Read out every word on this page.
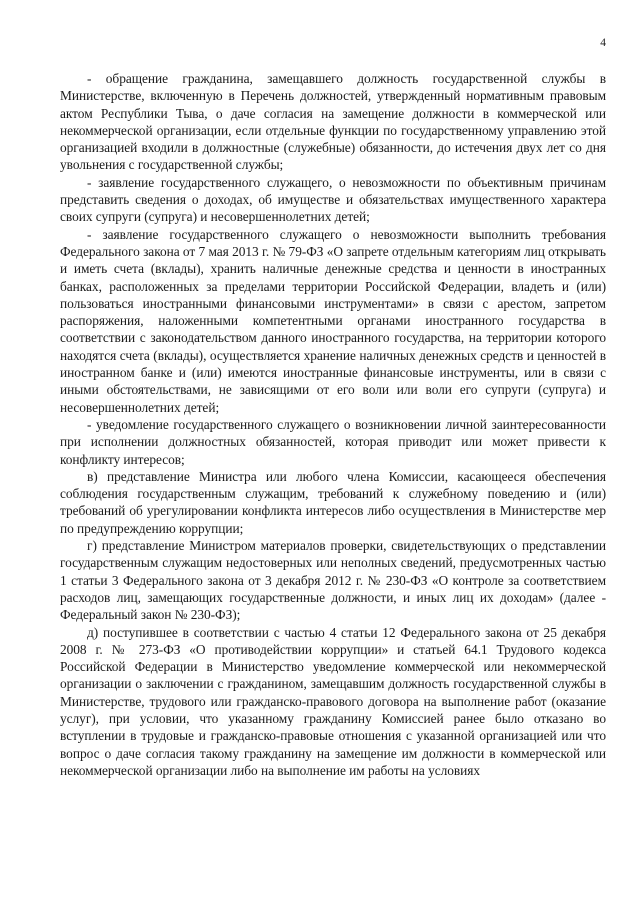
4

- обращение гражданина, замещавшего должность государственной службы в Министерстве, включенную в Перечень должностей, утвержденный нормативным правовым актом Республики Тыва, о даче согласия на замещение должности в коммерческой или некоммерческой организации, если отдельные функции по государственному управлению этой организацией входили в должностные (служебные) обязанности, до истечения двух лет со дня увольнения с государственной службы;

- заявление государственного служащего, о невозможности по объективным причинам представить сведения о доходах, об имуществе и обязательствах имущественного характера своих супруги (супруга) и несовершеннолетних детей;

- заявление государственного служащего о невозможности выполнить требования Федерального закона от 7 мая 2013 г. № 79-ФЗ «О запрете отдельным категориям лиц открывать и иметь счета (вклады), хранить наличные денежные средства и ценности в иностранных банках, расположенных за пределами территории Российской Федерации, владеть и (или) пользоваться иностранными финансовыми инструментами» в связи с арестом, запретом распоряжения, наложенными компетентными органами иностранного государства в соответствии с законодательством данного иностранного государства, на территории которого находятся счета (вклады), осуществляется хранение наличных денежных средств и ценностей в иностранном банке и (или) имеются иностранные финансовые инструменты, или в связи с иными обстоятельствами, не зависящими от его воли или воли его супруги (супруга) и несовершеннолетних детей;

- уведомление государственного служащего о возникновении личной заинтересованности при исполнении должностных обязанностей, которая приводит или может привести к конфликту интересов;

в) представление Министра или любого члена Комиссии, касающееся обеспечения соблюдения государственным служащим, требований к служебному поведению и (или) требований об урегулировании конфликта интересов либо осуществления в Министерстве мер по предупреждению коррупции;

г) представление Министром материалов проверки, свидетельствующих о представлении государственным служащим недостоверных или неполных сведений, предусмотренных частью 1 статьи 3 Федерального закона от 3 декабря 2012 г. № 230-ФЗ «О контроле за соответствием расходов лиц, замещающих государственные должности, и иных лиц их доходам» (далее - Федеральный закон № 230-ФЗ);

д) поступившее в соответствии с частью 4 статьи 12 Федерального закона от 25 декабря 2008 г. № 273-ФЗ «О противодействии коррупции» и статьей 64.1 Трудового кодекса Российской Федерации в Министерство уведомление коммерческой или некоммерческой организации о заключении с гражданином, замещавшим должность государственной службы в Министерстве, трудового или гражданско-правового договора на выполнение работ (оказание услуг), при условии, что указанному гражданину Комиссией ранее было отказано во вступлении в трудовые и гражданско-правовые отношения с указанной организацией или что вопрос о даче согласия такому гражданину на замещение им должности в коммерческой или некоммерческой организации либо на выполнение им работы на условиях
